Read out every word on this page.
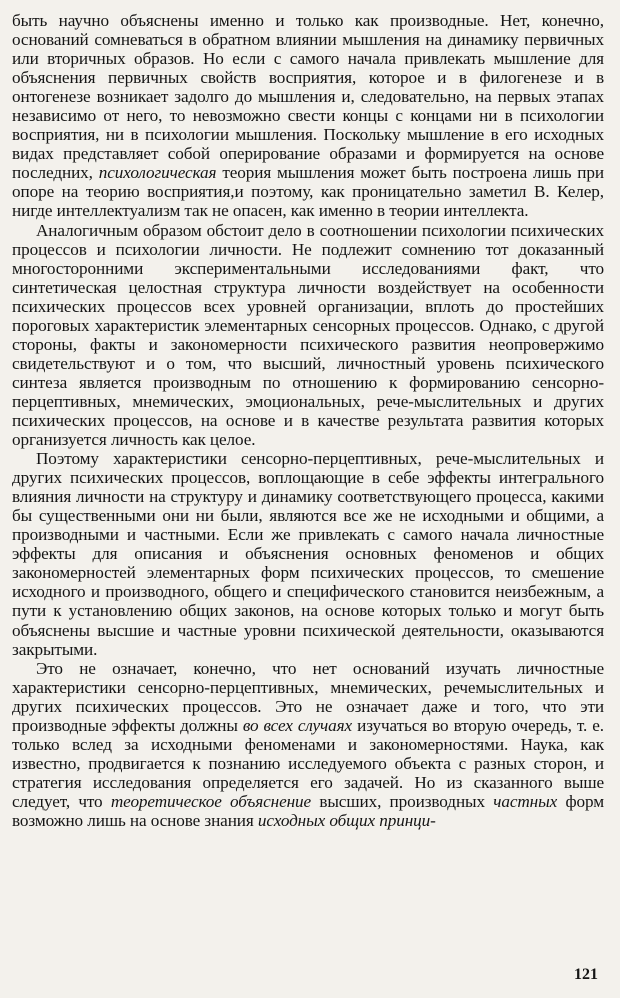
быть научно объяснены именно и только как производные. Нет, конечно, оснований сомневаться в обратном влиянии мышления на динамику первичных или вторичных образов. Но если с самого начала привлекать мышление для объяснения первичных свойств восприятия, которое и в филогенезе и в онтогенезе возникает задолго до мышления и, следовательно, на первых этапах независимо от него, то невозможно свести концы с концами ни в психологии восприятия, ни в психологии мышления. Поскольку мышление в его исходных видах представляет собой оперирование образами и формируется на основе последних, психологическая теория мышления может быть построена лишь при опоре на теорию восприятия,и поэтому, как проницательно заметил В. Келер, нигде интеллектуализм так не опасен, как именно в теории интеллекта.

Аналогичным образом обстоит дело в соотношении психологии психических процессов и психологии личности. Не подлежит сомнению тот доказанный многосторонними экспериментальными исследованиями факт, что синтетическая целостная структура личности воздействует на особенности психических процессов всех уровней организации, вплоть до простейших пороговых характеристик элементарных сенсорных процессов. Однако, с другой стороны, факты и закономерности психического развития неопровержимо свидетельствуют и о том, что высший, личностный уровень психического синтеза является производным по отношению к формированию сенсорно-перцептивных, мнемических, эмоциональных, рече-мыслительных и других психических процессов, на основе и в качестве результата развития которых организуется личность как целое.

Поэтому характеристики сенсорно-перцептивных, рече-мыслительных и других психических процессов, воплощающие в себе эффекты интегрального влияния личности на структуру и динамику соответствующего процесса, какими бы существенными они ни были, являются все же не исходными и общими, а производными и частными. Если же привлекать с самого начала личностные эффекты для описания и объяснения основных феноменов и общих закономерностей элементарных форм психических процессов, то смешение исходного и производного, общего и специфического становится неизбежным, а пути к установлению общих законов, на основе которых только и могут быть объяснены высшие и частные уровни психической деятельности, оказываются закрытыми.

Это не означает, конечно, что нет оснований изучать личностные характеристики сенсорно-перцептивных, мнемических, речемыслительных и других психических процессов. Это не означает даже и того, что эти производные эффекты должны во всех случаях изучаться во вторую очередь, т. е. только вслед за исходными феноменами и закономерностями. Наука, как известно, продвигается к познанию исследуемого объекта с разных сторон, и стратегия исследования определяется его задачей. Но из сказанного выше следует, что теоретическое объяснение высших, производных частных форм возможно лишь на основе знания исходных общих принци-

121
